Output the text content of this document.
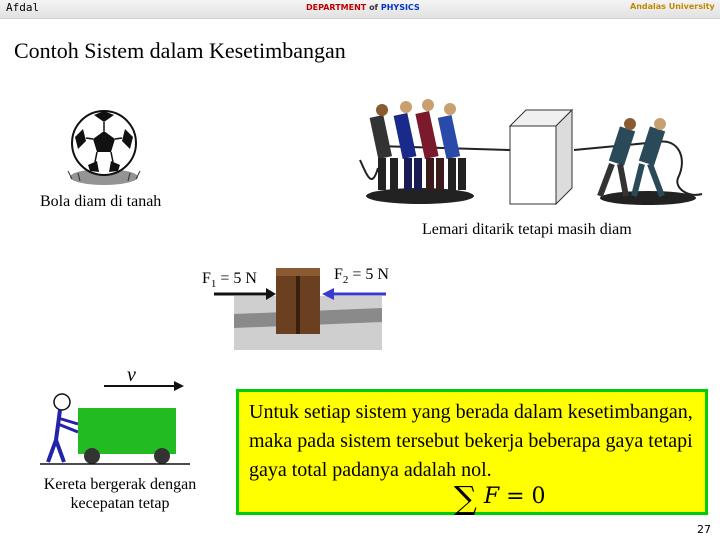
Afdal	DEPARTMENT of PHYSICS	Andalas University
Contoh Sistem dalam Kesetimbangan
Bola diam di tanah
Lemari ditarik tetapi masih diam
$F_1 = 5$ N	$F_2 = 5$ N
v
Kereta bergerak dengan
kecepatan tetap
Untuk setiap sistem yang berada dalam kesetimbangan, maka pada sistem tersebut bekerja beberapa gaya tetapi gaya total padanya adalah nol.
∑ F = 0
27
